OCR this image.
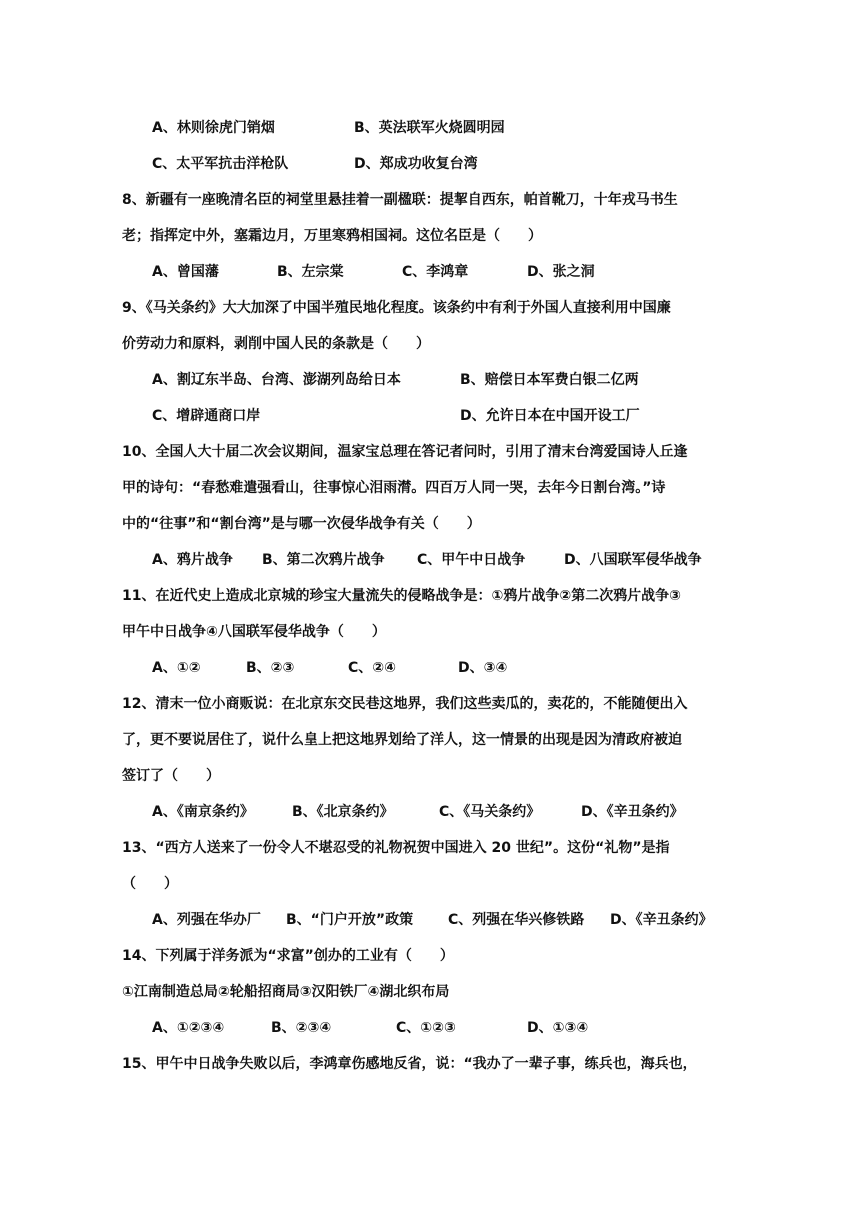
A、林则徐虎门销烟	B、英法联军火烧圆明园
C、太平军抗击洋枪队	D、郑成功收复台湾
8、新疆有一座晚清名臣的祠堂里悬挂着一副楹联：提挈自西东，帕首靴刀，十年戎马书生
老；指挥定中外，塞霜边月，万里寒鸦相国祠。这位名臣是（　　）
A、曾国藩	B、左宗棠	C、李鸿章	D、张之洞
9、《马关条约》大大加深了中国半殖民地化程度。该条约中有利于外国人直接利用中国廉
价劳动力和原料，剥削中国人民的条款是（　　）
A、割辽东半岛、台湾、澎湖列岛给日本	B、赔偿日本军费白银二亿两
C、增辟通商口岸	D、允许日本在中国开设工厂
10、全国人大十届二次会议期间，温家宝总理在答记者问时，引用了清末台湾爱国诗人丘逢
甲的诗句：“春愁难遣强看山，往事惊心泪雨潸。四百万人同一哭，去年今日割台湾。”诗
中的“往事”和“割台湾”是与哪一次侵华战争有关（　　）
A、鸦片战争 B、第二次鸦片战争 C、甲午中日战争	D、八国联军侵华战争
11、在近代史上造成北京城的珍宝大量流失的侵略战争是：①鸦片战争②第二次鸦片战争③
甲午中日战争④八国联军侵华战争（　　）
A、①②	B、②③	C、②④	D、③④
12、清末一位小商贩说：在北京东交民巷这地界，我们这些卖瓜的，卖花的，不能随便出入
了，更不要说居住了，说什么皇上把这地界划给了洋人，这一情景的出现是因为清政府被迫
签订了（　　）
A、《南京条约》	B、《北京条约》	C、《马关条约》	D、《辛丑条约》
13、“西方人送来了一份令人不堪忍受的礼物祝贺中国进入 20 世纪”。这份“礼物”是指
（　　）
A、列强在华办厂 B、“门户开放”政策 C、列强在华兴修铁路 D、《辛丑条约》
14、下列属于洋务派为“求富”创办的工业有（　　）
①江南制造总局②轮船招商局③汉阳铁厂④湖北织布局
A、①②③④	B、②③④	C、①②③	D、①③④
15、甲午中日战争失败以后，李鸿章伤感地反省，说：“我办了一辈子事，练兵也，海兵也，
